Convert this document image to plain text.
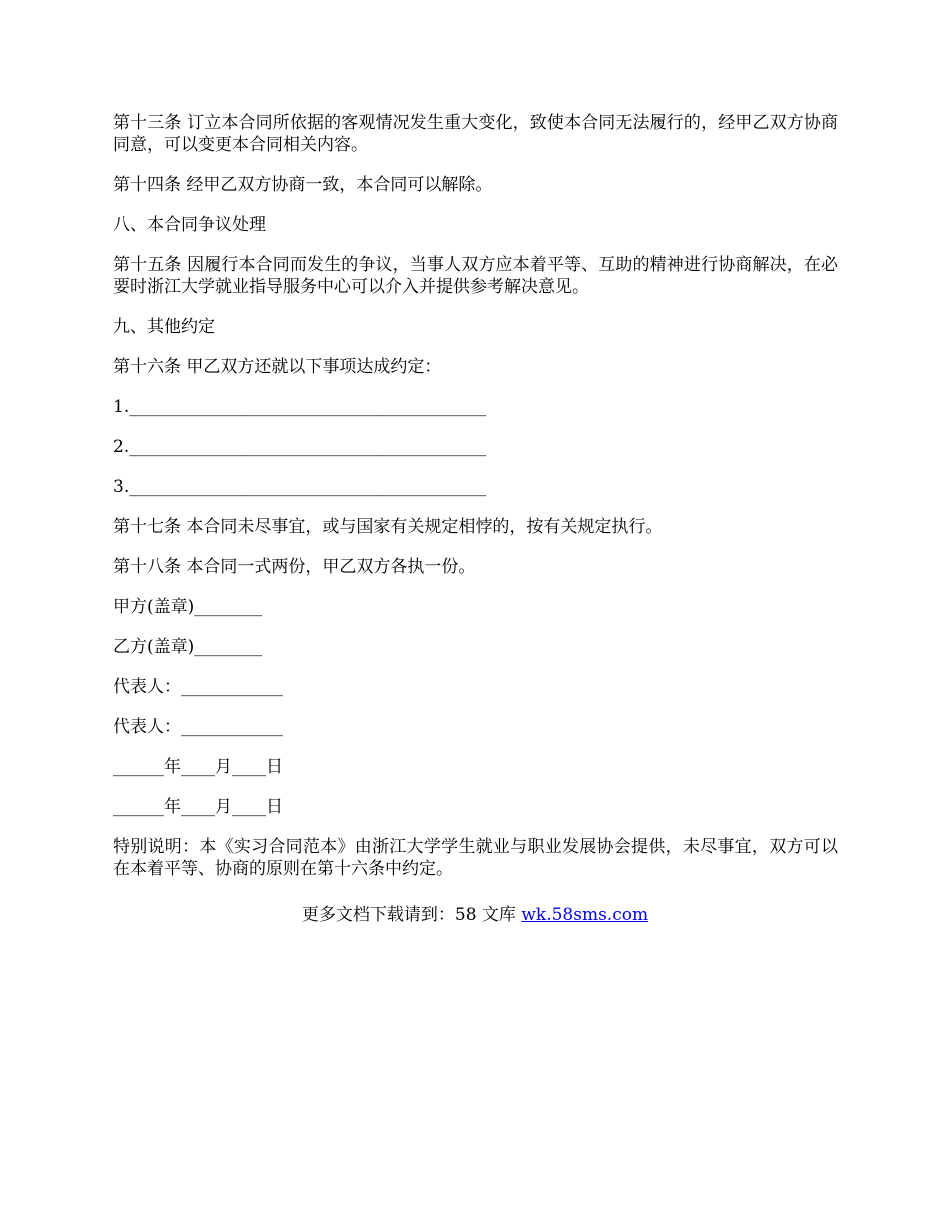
第十三条 订立本合同所依据的客观情况发生重大变化，致使本合同无法履行的，经甲乙双方协商同意，可以变更本合同相关内容。

第十四条 经甲乙双方协商一致，本合同可以解除。

八、本合同争议处理

第十五条 因履行本合同而发生的争议，当事人双方应本着平等、互助的精神进行协商解决，在必要时浙江大学就业指导服务中心可以介入并提供参考解决意见。

九、其他约定

第十六条 甲乙双方还就以下事项达成约定：

1.__________________________________________

2.__________________________________________

3.__________________________________________

第十七条 本合同未尽事宜，或与国家有关规定相悖的，按有关规定执行。

第十八条 本合同一式两份，甲乙双方各执一份。

甲方(盖章)________

乙方(盖章)________

代表人：____________

代表人：____________

______年____月____日

______年____月____日

特别说明：本《实习合同范本》由浙江大学学生就业与职业发展协会提供，未尽事宜，双方可以在本着平等、协商的原则在第十六条中约定。

更多文档下载请到：58 文库 wk.58sms.com
